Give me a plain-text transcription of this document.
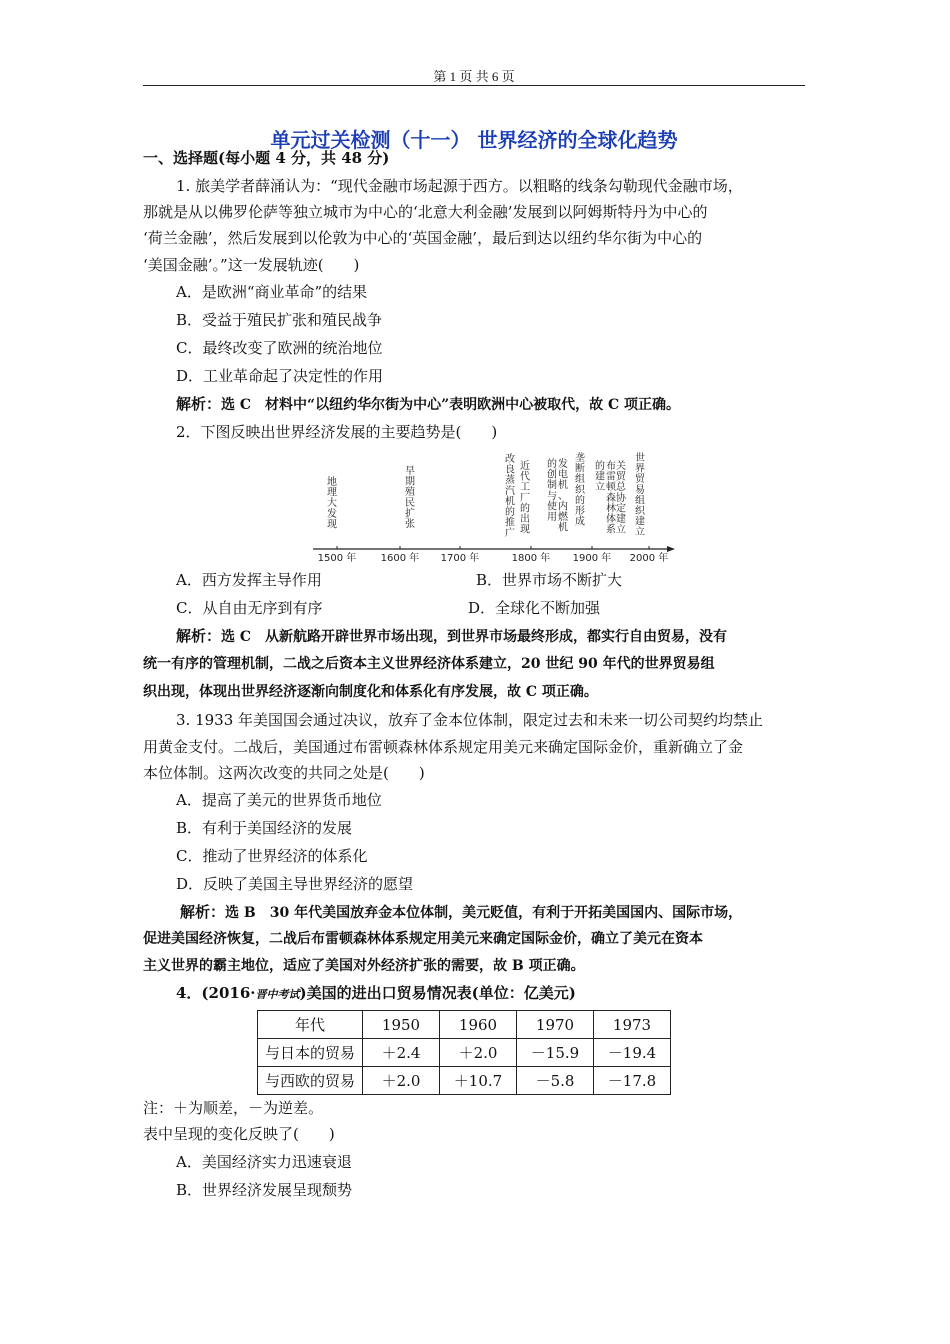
第 1 页 共 6 页
单元过关检测（十一） 世界经济的全球化趋势
一、选择题(每小题 4 分，共 48 分)
1. 旅美学者薛涌认为：“现代金融市场起源于西方。以粗略的线条勾勒现代金融市场，
那就是从以佛罗伦萨等独立城市为中心的‘北意大利金融’发展到以阿姆斯特丹为中心的
‘荷兰金融’，然后发展到以伦敦为中心的‘英国金融’，最后到达以纽约华尔街为中心的
‘美国金融’。”这一发展轨迹(　　)
A．是欧洲“商业革命”的结果
B．受益于殖民扩张和殖民战争
C．最终改变了欧洲的统治地位
D．工业革命起了决定性的作用
解析：选 C　材料中“以纽约华尔街为中心”表明欧洲中心被取代，故 C 项正确。
2．下图反映出世界经济发展的主要趋势是(　　)
1500 年 1600 年 1700 年	1800 年 1900 年 2000 年
地
理
大
发
现
早
期
殖
民
扩
张
改
良
蒸
汽
机
的
推
广
近
代
工
厂
的
出
现
发
电
机
、
内
燃
机
的
创
制
与
使
用
垄
断
组
织
的
形
成
布
雷
顿
森
林
体
系
的
建
立
关
贸
总
协
定
建
立
世
界
贸
易
组
织
建
立
A．西方发挥主导作用	B．世界市场不断扩大
C．从自由无序到有序	D．全球化不断加强
解析：选 C　从新航路开辟世界市场出现，到世界市场最终形成，都实行自由贸易，没有
统一有序的管理机制，二战之后资本主义世界经济体系建立，20 世纪 90 年代的世界贸易组
织出现，体现出世界经济逐渐向制度化和体系化有序发展，故 C 项正确。
3. 1933 年美国国会通过决议，放弃了金本位体制，限定过去和未来一切公司契约均禁止
用黄金支付。二战后，美国通过布雷顿森林体系规定用美元来确定国际金价，重新确立了金
本位体制。这两次改变的共同之处是(　　)
A．提高了美元的世界货币地位
B．有利于美国经济的发展
C．推动了世界经济的体系化
D．反映了美国主导世界经济的愿望
解析：选 B　30 年代美国放弃金本位体制，美元贬值，有利于开拓美国国内、国际市场，
促进美国经济恢复，二战后布雷顿森林体系规定用美元来确定国际金价，确立了美元在资本
主义世界的霸主地位，适应了美国对外经济扩张的需要，故 B 项正确。
4．(2016·晋中考试)美国的进出口贸易情况表(单位：亿美元)
年代	1950	1960	1970	1973
与日本的贸易	＋2.4	＋2.0	－15.9	－19.4
与西欧的贸易	＋2.0	＋10.7	－5.8	－17.8
注：＋为顺差，－为逆差。
表中呈现的变化反映了(　　)
A．美国经济实力迅速衰退
B．世界经济发展呈现颓势
